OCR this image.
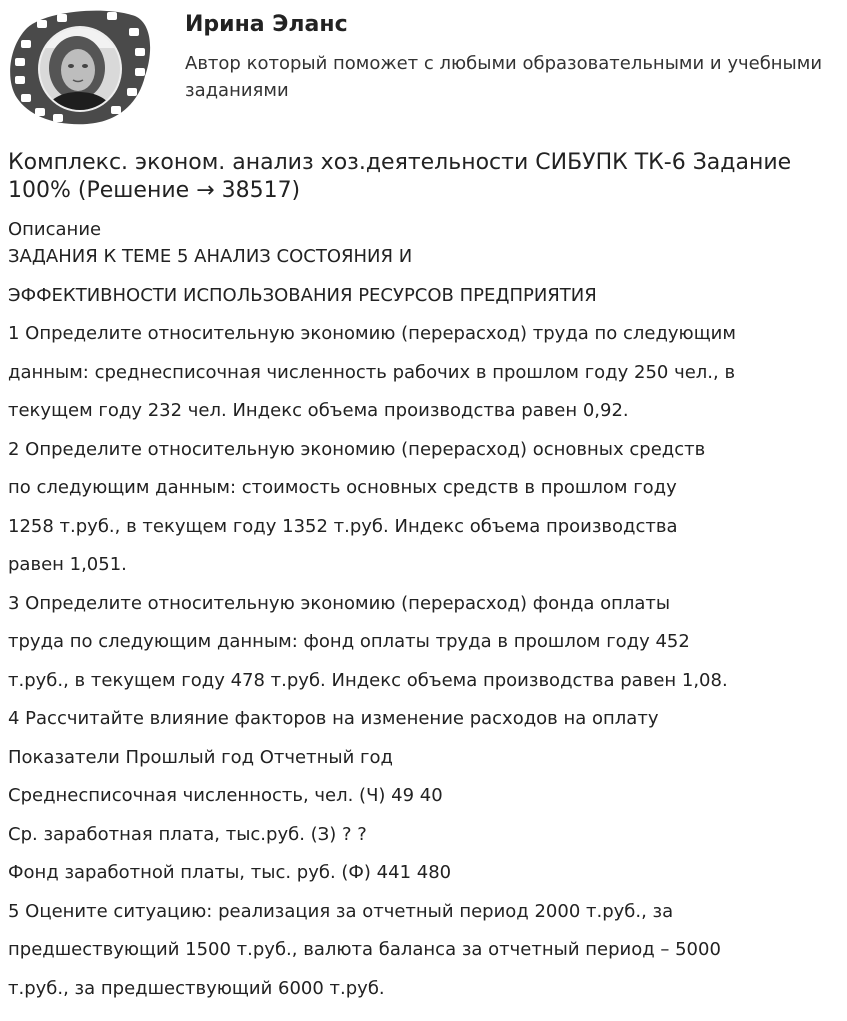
Ирина Эланс
Автор который поможет с любыми образовательными и учебными заданиями
Комплекс. эконом. анализ хоз.деятельности СИБУПК ТК-6 Задание 100% (Решение → 38517)
Описание
ЗАДАНИЯ К ТЕМЕ 5 АНАЛИЗ СОСТОЯНИЯ И
ЭФФЕКТИВНОСТИ ИСПОЛЬЗОВАНИЯ РЕСУРСОВ ПРЕДПРИЯТИЯ
1 Определите относительную экономию (перерасход) труда по следующим
данным: среднесписочная численность рабочих в прошлом году 250 чел., в
текущем году 232 чел. Индекс объема производства равен 0,92.
2 Определите относительную экономию (перерасход) основных средств
по следующим данным: стоимость основных средств в прошлом году
1258 т.руб., в текущем году 1352 т.руб. Индекс объема производства
равен 1,051.
3 Определите относительную экономию (перерасход) фонда оплаты
труда по следующим данным: фонд оплаты труда в прошлом году 452
т.руб., в текущем году 478 т.руб. Индекс объема производства равен 1,08.
4 Рассчитайте влияние факторов на изменение расходов на оплату
Показатели Прошлый год Отчетный год
Среднесписочная численность, чел. (Ч) 49 40
Ср. заработная плата, тыс.руб. (З) ? ?
Фонд заработной платы, тыс. руб. (Ф) 441 480
5 Оцените ситуацию: реализация за отчетный период 2000 т.руб., за
предшествующий 1500 т.руб., валюта баланса за отчетный период – 5000
т.руб., за предшествующий 6000 т.руб.
